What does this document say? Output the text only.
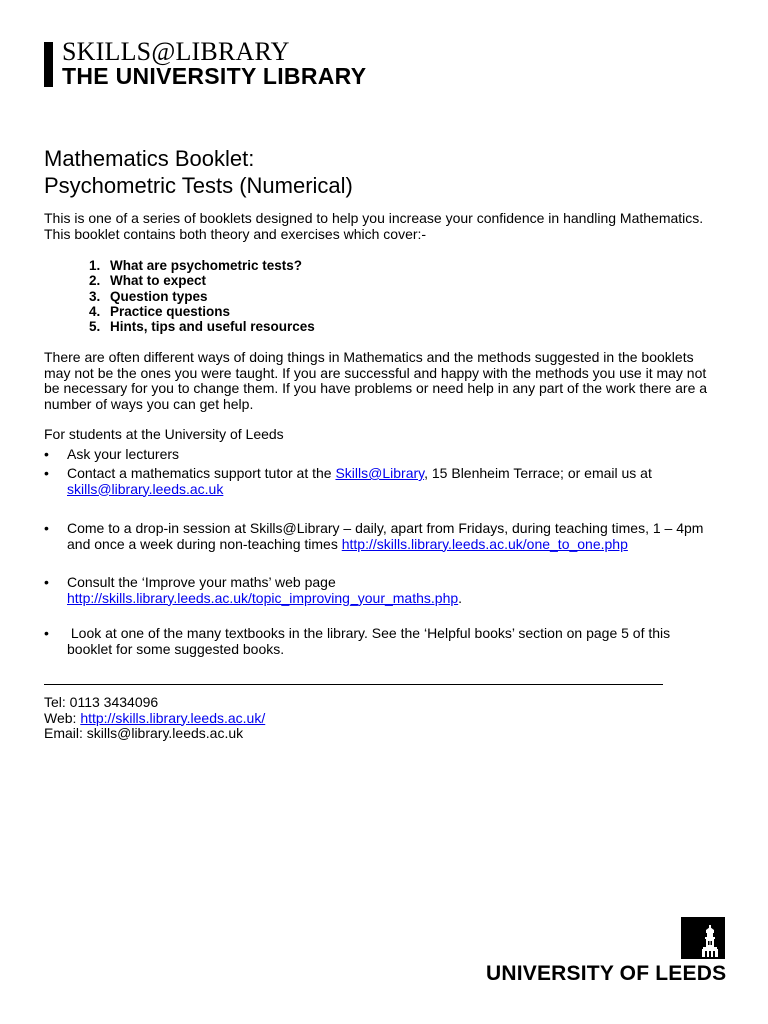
SKILLS@LIBRARY
THE UNIVERSITY LIBRARY
Mathematics Booklet:
Psychometric Tests (Numerical)
This is one of a series of booklets designed to help you increase your confidence in handling Mathematics.
This booklet contains both theory and exercises which cover:-
1. What are psychometric tests?
2. What to expect
3. Question types
4. Practice questions
5. Hints, tips and useful resources
There are often different ways of doing things in Mathematics and the methods suggested in the booklets
may not be the ones you were taught. If you are successful and happy with the methods you use it may not
be necessary for you to change them. If you have problems or need help in any part of the work there are a
number of ways you can get help.
For students at the University of Leeds
• Ask your lecturers
• Contact a mathematics support tutor at the Skills@Library, 15 Blenheim Terrace; or email us at
skills@library.leeds.ac.uk
• Come to a drop-in session at Skills@Library – daily, apart from Fridays, during teaching times, 1 – 4pm
and once a week during non-teaching times http://skills.library.leeds.ac.uk/one_to_one.php
• Consult the ‘Improve your maths’ web page
http://skills.library.leeds.ac.uk/topic_improving_your_maths.php.
• Look at one of the many textbooks in the library. See the ‘Helpful books’ section on page 5 of this
booklet for some suggested books.
Tel: 0113 3434096
Web: http://skills.library.leeds.ac.uk/
Email: skills@library.leeds.ac.uk
UNIVERSITY OF LEEDS
